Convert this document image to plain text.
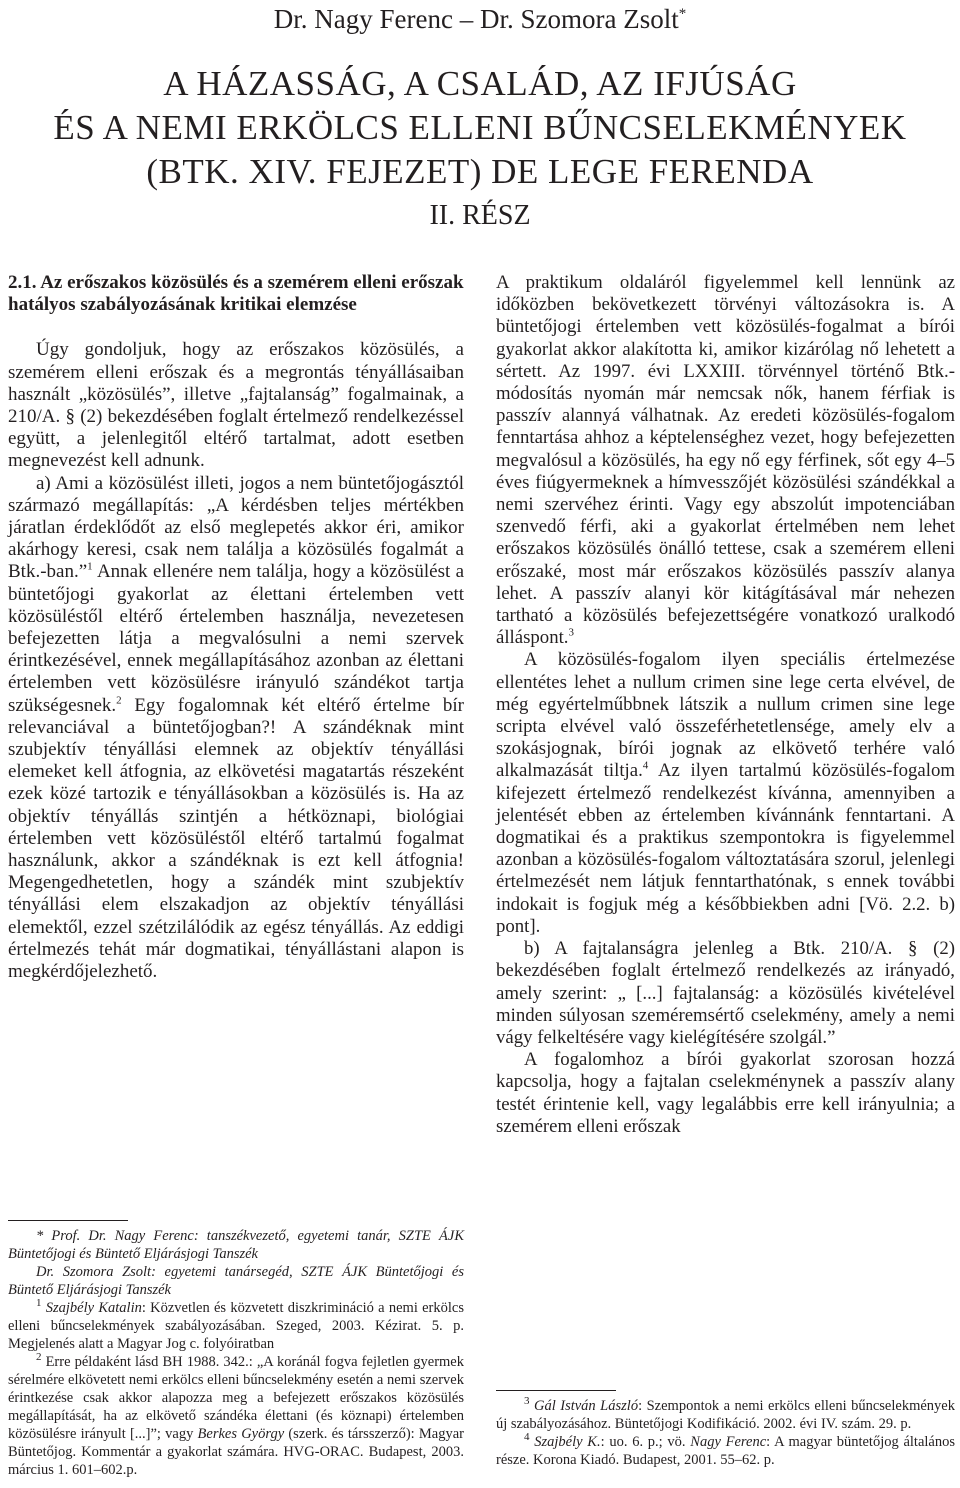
Dr. Nagy Ferenc – Dr. Szomora Zsolt*
A HÁZASSÁG, A CSALÁD, AZ IFJÚSÁG
ÉS A NEMI ERKÖLCS ELLENI BŰNCSELEKMÉNYEK
(BTK. XIV. FEJEZET) DE LEGE FERENDA
II. RÉSZ
2.1. Az erőszakos közösülés és a szemérem elleni erőszak hatályos szabályozásának kritikai elemzése

Úgy gondoljuk, hogy az erőszakos közösülés, a szemérem elleni erőszak és a megrontás tényállásaiban használt „közösülés”, illetve „fajtalanság” fogalmainak, a 210/A. § (2) bekezdésében foglalt értelmező rendelkezéssel együtt, a jelenlegitől eltérő tartalmat, adott esetben megnevezést kell adnunk.

a) Ami a közösülést illeti, jogos a nem büntetőjogásztól származó megállapítás: „A kérdésben teljes mértékben járatlan érdeklődőt az első meglepetés akkor éri, amikor akárhogy keresi, csak nem találja a közösülés fogalmát a Btk.-ban.”$^1$ Annak ellenére nem találja, hogy a közösülést a büntetőjogi gyakorlat az élettani értelemben vett közösüléstől eltérő értelemben használja, nevezetesen befejezetten látja a megvalósulni a nemi szervek érintkezésével, ennek megállapításához azonban az élettani értelemben vett közösülésre irányuló szándékot tartja szükségesnek.$^2$ Egy fogalomnak két eltérő értelme bír relevanciával a büntetőjogban?! A szándéknak mint szubjektív tényállási elemnek az objektív tényállási elemeket kell átfognia, az elkövetési magatartás részeként ezek közé tartozik e tényállásokban a közösülés is. Ha az objektív tényállás szintjén a hétköznapi, biológiai értelemben vett közösüléstől eltérő tartalmú fogalmat használunk, akkor a szándéknak is ezt kell átfognia! Megengedhetetlen, hogy a szándék mint szubjektív tényállási elem elszakadjon az objektív tényállási elemektől, ezzel szétzilálódik az egész tényállás. Az eddigi értelmezés tehát már dogmatikai, tényállástani alapon is megkérdőjelezhető.

* Prof. Dr. Nagy Ferenc: tanszékvezető, egyetemi tanár, SZTE ÁJK Büntetőjogi és Büntető Eljárásjogi Tanszék

Dr. Szomora Zsolt: egyetemi tanársegéd, SZTE ÁJK Büntetőjogi és Büntető Eljárásjogi Tanszék

$^1$ Szajbély Katalin: Közvetlen és közvetett diszkrimináció a nemi erkölcs elleni bűncselekmények szabályozásában. Szeged, 2003. Kézirat. 5. p. Megjelenés alatt a Magyar Jog c. folyóiratban

$^2$ Erre példaként lásd BH 1988. 342.: „A koránál fogva fejletlen gyermek sérelmére elkövetett nemi erkölcs elleni bűncselekmény esetén a nemi szervek érintkezése csak akkor alapozza meg a befejezett erőszakos közösülés megállapítását, ha az elkövető szándéka élettani (és köznapi) értelemben közösülésre irányult [...]”; vagy Berkes György (szerk. és társszerző): Magyar Büntetőjog. Kommentár a gyakorlat számára. HVG-ORAC. Budapest, 2003. március 1. 601–602.p.

A praktikum oldaláról figyelemmel kell lennünk az időközben bekövetkezett törvényi változásokra is. A büntetőjogi értelemben vett közösülés-fogalmat a bírói gyakorlat akkor alakította ki, amikor kizárólag nő lehetett a sértett. Az 1997. évi LXXIII. törvénnyel történő Btk.-módosítás nyomán már nemcsak nők, hanem férfiak is passzív alannyá válhatnak. Az eredeti közösülés-fogalom fenntartása ahhoz a képtelenséghez vezet, hogy befejezetten megvalósul a közösülés, ha egy nő egy férfinek, sőt egy 4–5 éves fiúgyermeknek a hímvesszőjét közösülési szándékkal a nemi szervéhez érinti. Vagy egy abszolút impotenciában szenvedő férfi, aki a gyakorlat értelmében nem lehet erőszakos közösülés önálló tettese, csak a szemérem elleni erőszaké, most már erőszakos közösülés passzív alanya lehet. A passzív alanyi kör kitágításával már nehezen tartható a közösülés befejezettségére vonatkozó uralkodó álláspont.$^3$

A közösülés-fogalom ilyen speciális értelmezése ellentétes lehet a nullum crimen sine lege certa elvével, de még egyértelműbbnek látszik a nullum crimen sine lege scripta elvével való összeférhetetlensége, amely elv a szokásjognak, bírói jognak az elkövető terhére való alkalmazását tiltja.$^4$ Az ilyen tartalmú közösülés-fogalom kifejezett értelmező rendelkezést kívánna, amennyiben a jelentését ebben az értelemben kívánnánk fenntartani. A dogmatikai és a praktikus szempontokra is figyelemmel azonban a közösülés-fogalom változtatására szorul, jelenlegi értelmezését nem látjuk fenntarthatónak, s ennek további indokait is fogjuk még a későbbiekben adni [Vö. 2.2. b) pont].

b) A fajtalanságra jelenleg a Btk. 210/A. § (2) bekezdésében foglalt értelmező rendelkezés az irányadó, amely szerint: „ [...] fajtalanság: a közösülés kivételével minden súlyosan szeméremsértő cselekmény, amely a nemi vágy felkeltésére vagy kielégítésére szolgál.”

A fogalomhoz a bírói gyakorlat szorosan hozzá kapcsolja, hogy a fajtalan cselekménynek a passzív alany testét érintenie kell, vagy legalábbis erre kell irányulnia; a szemérem elleni erőszak

$^3$ Gál István László: Szempontok a nemi erkölcs elleni bűncselekmények új szabályozásához. Büntetőjogi Kodifikáció. 2002. évi IV. szám. 29. p.

$^4$ Szajbély K.: uo. 6. p.; vö. Nagy Ferenc: A magyar büntetőjog általános része. Korona Kiadó. Budapest, 2001. 55–62. p.
